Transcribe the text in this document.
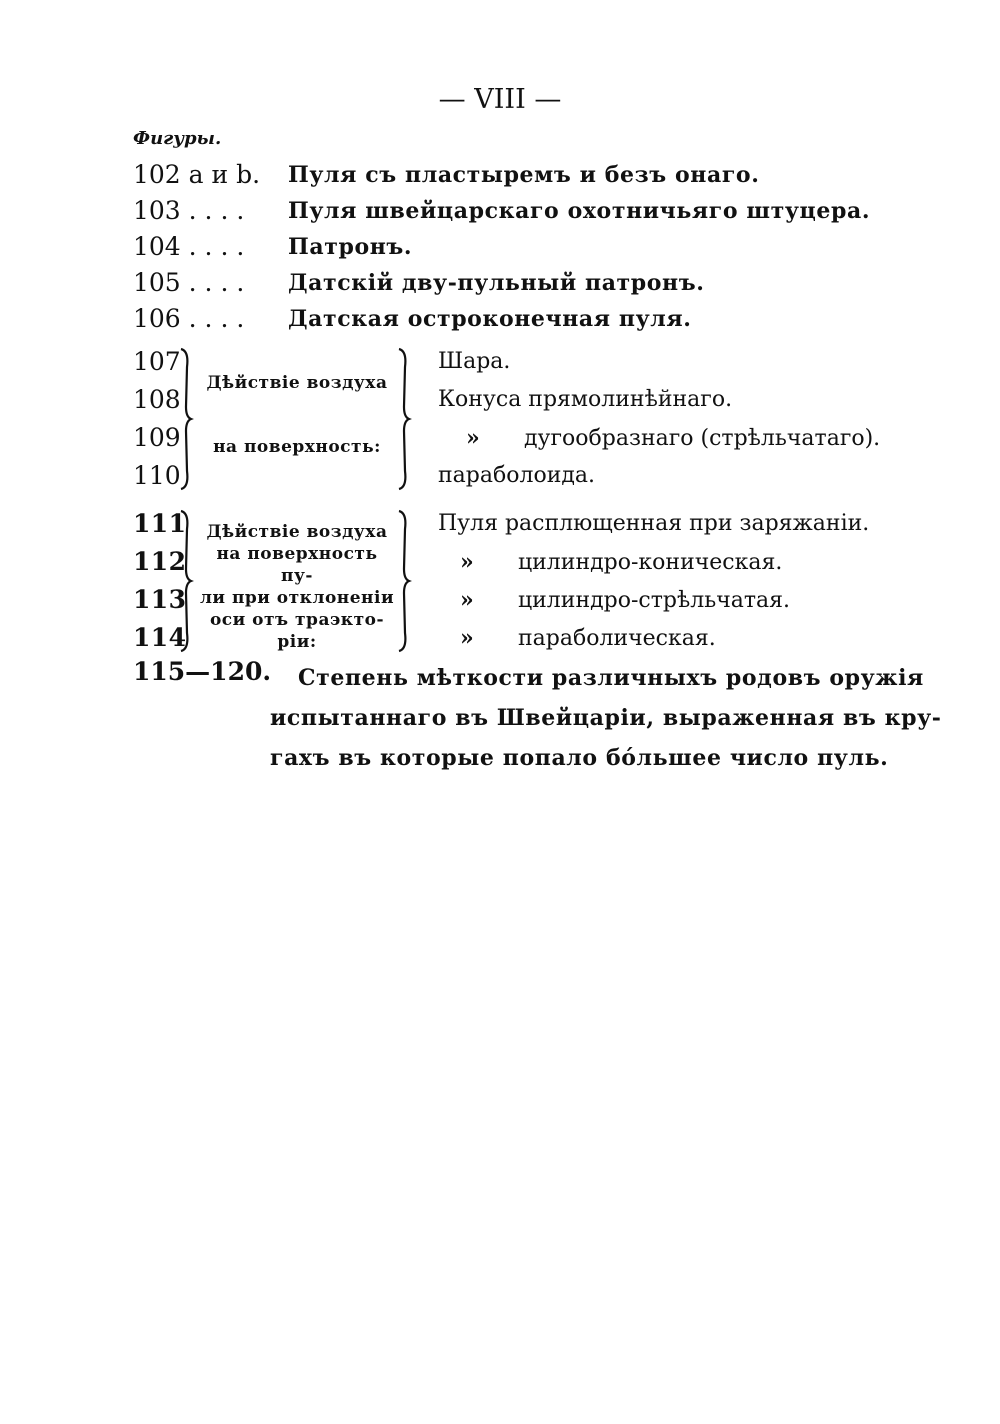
— VIII —
Фигуры.
102 a и b. Пуля съ пластыремъ и безъ онаго.
103 . . . . Пуля швейцарскаго охотничьяго штуцера.
104 . . . . Патронъ.
105 . . . . Датскій дву-пульный патронъ.
106 . . . . Датская остроконечная пуля.
107
108
109
110
Дѣйствіе воздуха
на поверхность:
Шара.
Конуса прямолинѣйнаго.
» дугообразнаго (стрѣльчатаго).
параболоида.
111
112
113
114
Дѣйствіе воздуха
на поверхность пу-
ли при отклоненіи
оси отъ траэкто-
ріи:
Пуля расплющенная при заряжаніи.
» цилиндро-коническая.
» цилиндро-стрѣльчатая.
» параболическая.
115—120. Степень мѣткости различныхъ родовъ оружія
испытаннаго въ Швейцаріи, выраженная въ кру-
гахъ въ которые попало бóльшее число пуль.
